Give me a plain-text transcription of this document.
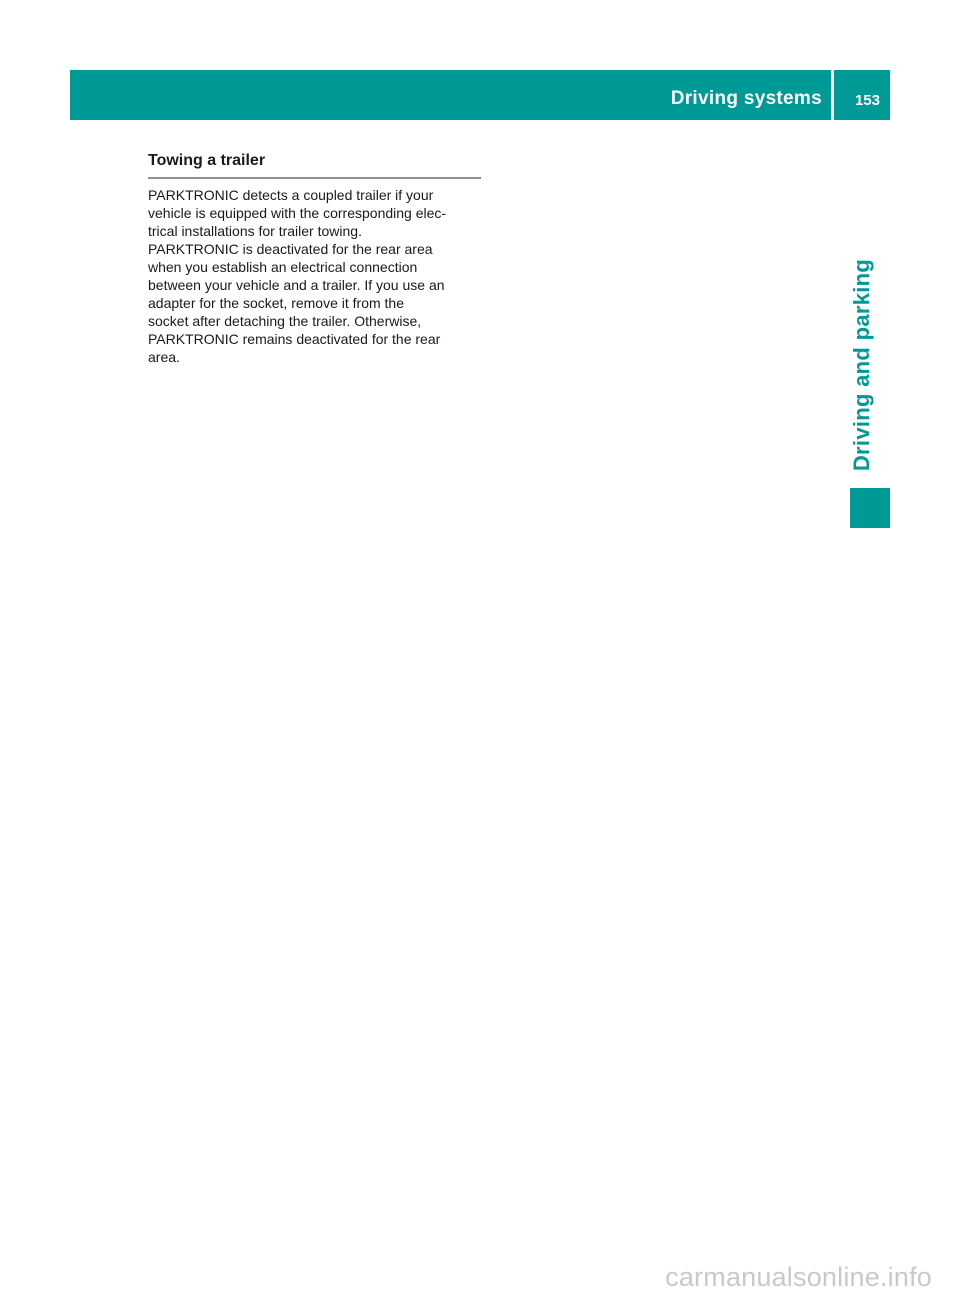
Driving systems 153
Towing a trailer
PARKTRONIC detects a coupled trailer if your
vehicle is equipped with the corresponding elec-
trical installations for trailer towing.
PARKTRONIC is deactivated for the rear area
when you establish an electrical connection
between your vehicle and a trailer. If you use an
adapter for the socket, remove it from the
socket after detaching the trailer. Otherwise,
PARKTRONIC remains deactivated for the rear
area.	Driving and parking
carmanualsonline.info
